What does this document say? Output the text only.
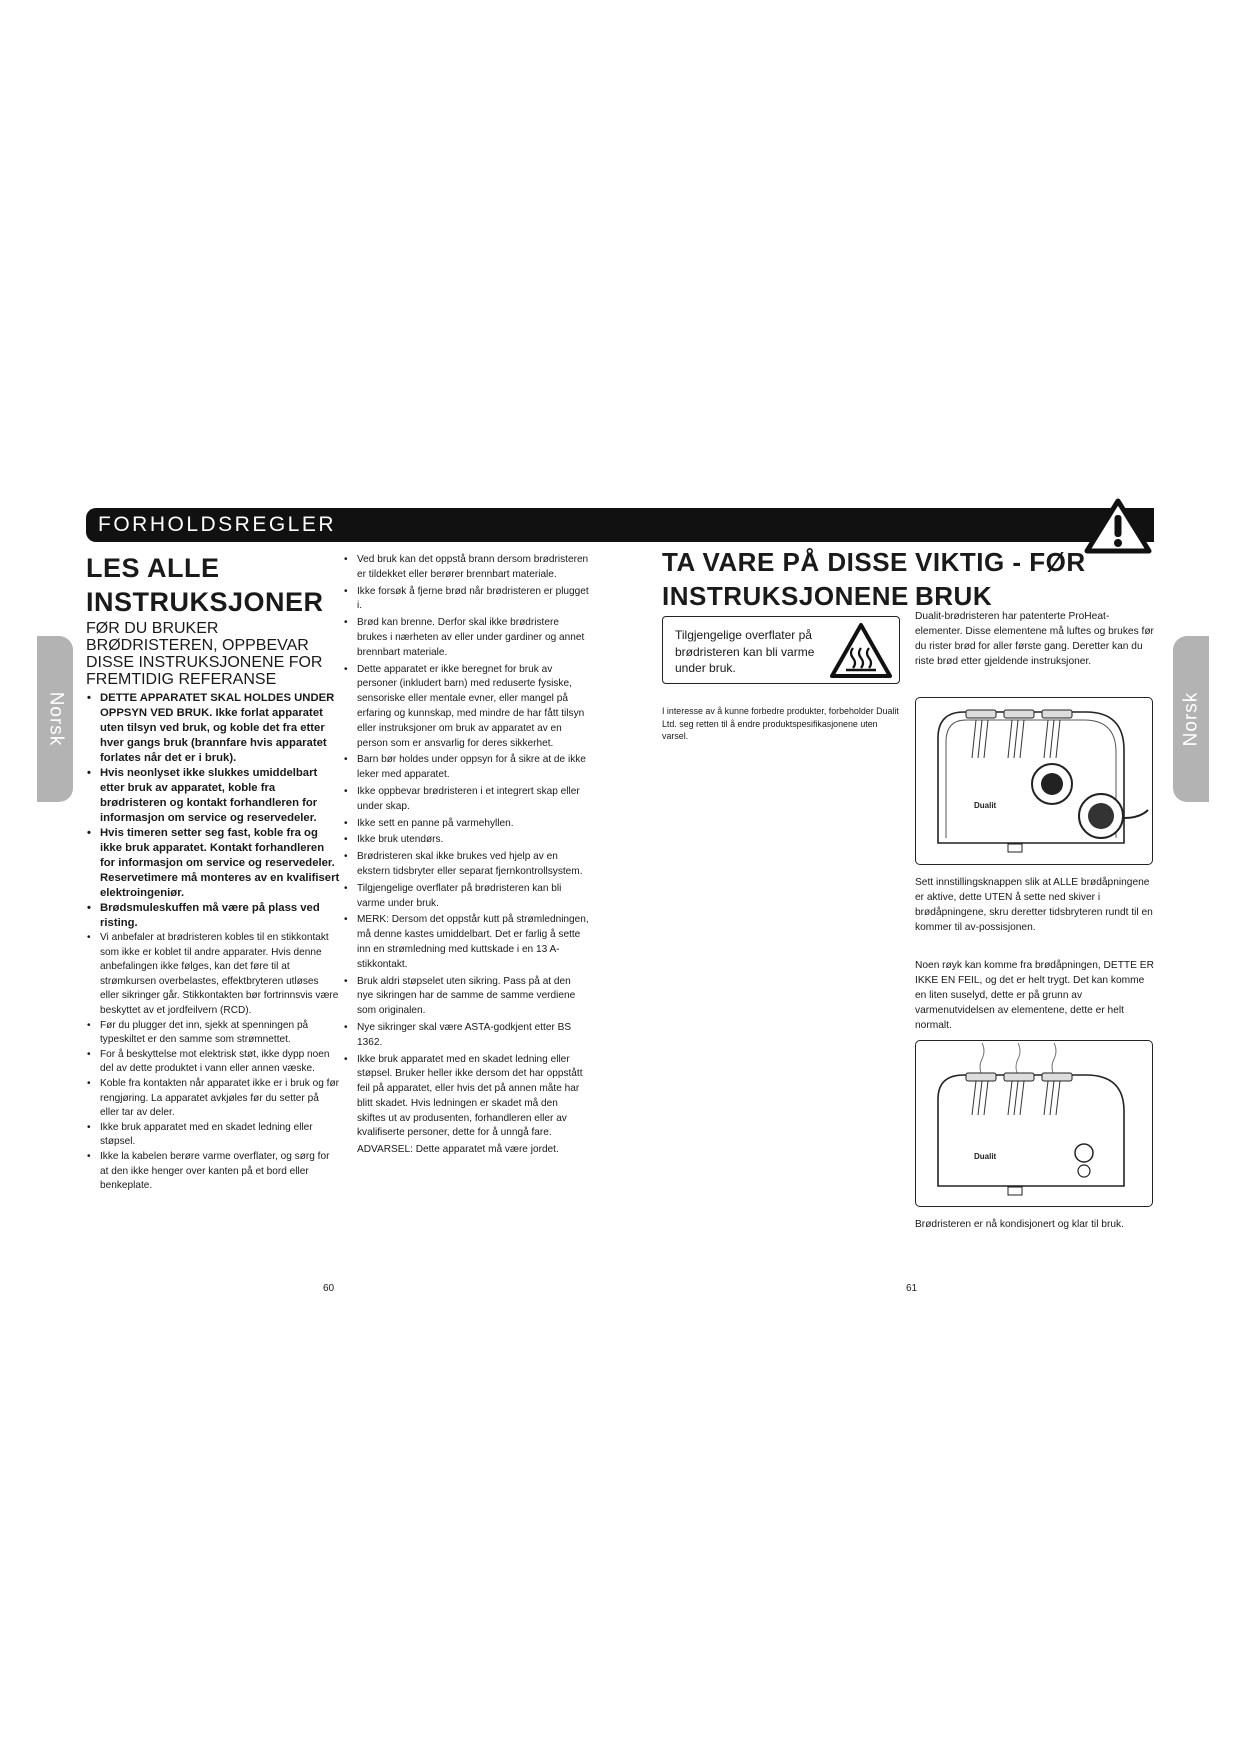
FORHOLDSREGLER
Norsk	Norsk
LES ALLE
INSTRUKSJONER
FØR DU BRUKER
BRØDRISTEREN, OPPBEVAR
DISSE INSTRUKSJONENE FOR
FREMTIDIG REFERANSE
• DETTE APPARATET SKAL HOLDES UNDER OPPSYN VED BRUK. Ikke forlat apparatet uten tilsyn ved bruk, og koble det fra etter hver gangs bruk (brannfare hvis apparatet forlates når det er i bruk).
• Hvis neonlyset ikke slukkes umiddelbart etter bruk av apparatet, koble fra brødristeren og kontakt forhandleren for informasjon om service og reservedeler.
• Hvis timeren setter seg fast, koble fra og ikke bruk apparatet. Kontakt forhandleren for informasjon om service og reservedeler. Reservetimere må monteres av en kvalifisert elektroingeniør.
• Brødsmuleskuffen må være på plass ved risting.
• Vi anbefaler at brødristeren kobles til en stikkontakt som ikke er koblet til andre apparater. Hvis denne anbefalingen ikke følges, kan det føre til at strømkursen overbelastes, effektbryteren utløses eller sikringer går. Stikkontakten bør fortrinnsvis være beskyttet av et jordfeilvern (RCD).
• Før du plugger det inn, sjekk at spenningen på typeskiltet er den samme som strømnettet.
• For å beskyttelse mot elektrisk støt, ikke dypp noen del av dette produktet i vann eller annen væske.
• Koble fra kontakten når apparatet ikke er i bruk og før rengjøring. La apparatet avkjøles før du setter på eller tar av deler.
• Ikke bruk apparatet med en skadet ledning eller støpsel.
• Ikke la kabelen berøre varme overflater, og sørg for at den ikke henger over kanten på et bord eller benkeplate.
• Ved bruk kan det oppstå brann dersom brødristeren er tildekket eller berører brennbart materiale.
• Ikke forsøk å fjerne brød når brødristeren er plugget i.
• Brød kan brenne. Derfor skal ikke brødristere brukes i nærheten av eller under gardiner og annet brennbart materiale.
• Dette apparatet er ikke beregnet for bruk av personer (inkludert barn) med reduserte fysiske, sensoriske eller mentale evner, eller mangel på erfaring og kunnskap, med mindre de har fått tilsyn eller instruksjoner om bruk av apparatet av en person som er ansvarlig for deres sikkerhet.
• Barn bør holdes under oppsyn for å sikre at de ikke leker med apparatet.
• Ikke oppbevar brødristeren i et integrert skap eller under skap.
• Ikke sett en panne på varmehyllen.
• Ikke bruk utendørs.
• Brødristeren skal ikke brukes ved hjelp av en ekstern tidsbryter eller separat fjernkontrollsystem.
• Tilgjengelige overflater på brødristeren kan bli varme under bruk.
• MERK: Dersom det oppstår kutt på strømledningen, må denne kastes umiddelbart. Det er farlig å sette inn en strømledning med kuttskade i en 13 A-stikkontakt.
• Bruk aldri støpselet uten sikring. Pass på at den nye sikringen har de samme de samme verdiene som originalen.
• Nye sikringer skal være ASTA-godkjent etter BS 1362.
• Ikke bruk apparatet med en skadet ledning eller støpsel. Bruker heller ikke dersom det har oppstått feil på apparatet, eller hvis det på annen måte har blitt skadet. Hvis ledningen er skadet må den skiftes ut av produsenten, forhandleren eller av kvalifiserte personer, dette for å unngå fare.
ADVARSEL: Dette apparatet må være jordet.
60
TA VARE PÅ DISSE
INSTRUKSJONENE
Tilgjengelige overflater på brødristeren kan bli varme under bruk.
I interesse av å kunne forbedre produkter, forbeholder Dualit Ltd. seg retten til å endre produktspesifikasjonene uten varsel.
VIKTIG - FØR
BRUK
Dualit-brødristeren har patenterte ProHeat-elementer. Disse elementene må luftes og brukes før du rister brød for aller første gang. Deretter kan du riste brød etter gjeldende instruksjoner.
Dualit
Sett innstillingsknappen slik at ALLE brødåpningene er aktive, dette UTEN å sette ned skiver i brødåpningene, skru deretter tidsbryteren rundt til en kommer til av-possisjonen.
Noen røyk kan komme fra brødåpningen, DETTE ER IKKE EN FEIL, og det er helt trygt. Det kan komme en liten suselyd, dette er på grunn av varmenutvidelsen av elementene, dette er helt normalt.
Dualit
Brødristeren er nå kondisjonert og klar til bruk.
61
